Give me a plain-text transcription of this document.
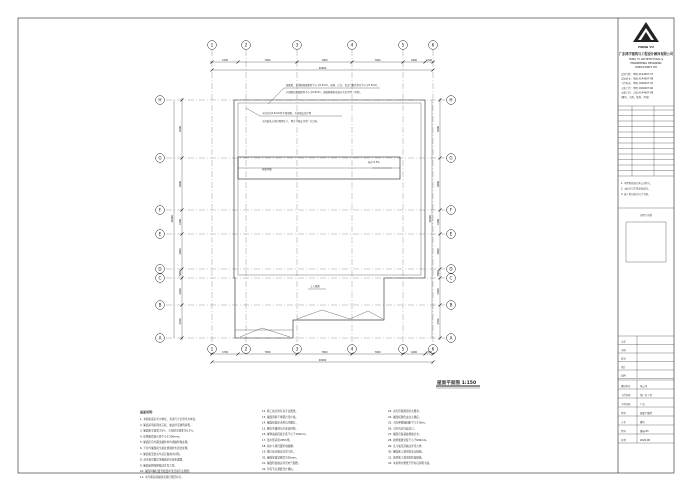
1
1
2
2
3
3
4
4
5
5
6
6
H	H
G	G
F	F
E	E
D	D
C	C
B	B
A	A
4700	7000	7000	7000	4400	4700
40000
4700	7000	7000	7000	4400	4700
40000
8400
6800
4400
4600
7000
2400
4700
44000
8400
6800
4400
4600
7000
2400
4700
44000
屋面风帽
坡度 0.5%
上人屋面
屋面板、彩钢板屋面板厚不小于0.5mm，屋脊、泛水、包边等配件厚度不小于0.5mm，
彩钢板的屋面板厚不小于0.6mm，屋面板檩条安装方式见详图（参照）。
天沟采用1.5mm厚不锈钢板，天沟做法见详图
天沟最低点设虹吸雨水斗，雨水斗做法详见厂家资料。
屋面平面图 1:150
屋面说明：
1. 本图标高以米为单位，其余尺寸以毫米为单位。
2. 屋面采用彩钢夹芯板，做法详见建筑说明。
3. 屋面排水坡度为5%，天沟排水坡度为0.5%。
4. 彩钢板搭接长度不小于200mm。
5. 屋面所有外露金属构件均须做防锈处理。
6. 天沟与屋面板交接处须做防水密封处理。
7. 屋面板安装完毕后应做淋水试验。
8. 采光板布置详见屋面采光板布置图。
9. 屋面检修爬梯做法详见大样。
10. 屋面风帽位置及数量详见设备专业图纸。
11. 未尽事宜请按国家现行规范执行。
12. 施工前应核对各专业图纸。
13. 屋面荷载不得超过设计值。
14. 屋面板固定采用自攻螺钉。
15. 螺钉外露部分应涂密封胶。
16. 屋脊盖板搭接长度不小于150mm。
17. 落水管采用UPVC管。
18. 雨水斗须设置防堵格栅。
19. 檐口收边做法详见大样。
20. 屋面保温层厚度为50mm。
21. 屋面防雷做法详见电气图纸。
22. 所有节点须经设计确认。
23. 采光带须满足防火要求。
24. 屋面板颜色由业主确定。
25. 天沟伸缩缝间距不大于30m。
26. 天沟内应设溢流口。
27. 屋面设备基础须做泛水。
28. 检修通道宽度不小于600mm。
29. 女儿墙压顶做法详见大样。
30. 屋面施工须采取安全措施。
31. 雨季施工须采取防雨措施。
32. 本说明与图纸不符时以说明为准。
HONG YU
广东鸿宇建筑与工程设计顾问有限公司
HONG YU ARCHITECTURAL &
ENGINEERING DESIGNING
CONSULTANTS LTD
资质等级：甲级 A144007-37
资质证书：甲级 A144007-98
工程咨询：甲级 1044007-34
人防工程：甲级 1044007-66
市政工程：乙级 A144007-98
(建筑、市政、规划、风景)
1. 本图纸版权归本公司所有。
2. 未经许可不得复制使用。
3. 施工时以标注尺寸为准。
出图专用章
审定
审核
校对
设计
制图
建设单位	某公司
工程名称	某厂房工程
子项名称	厂房
图名	屋面平面图
专业	建筑
图号	建施-05
日期	2020.08
